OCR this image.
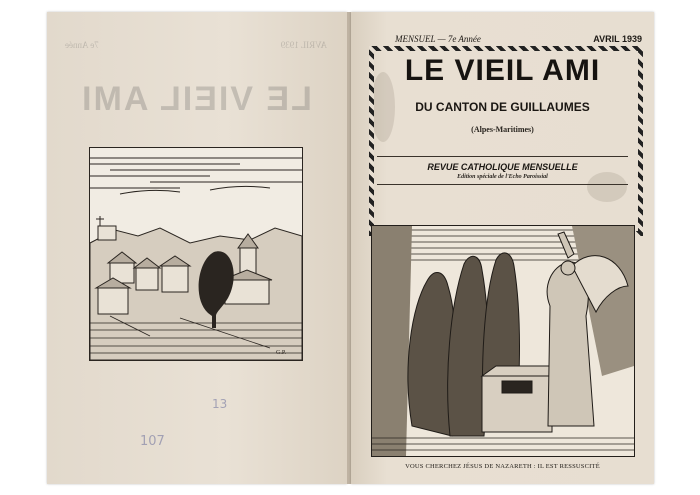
AVRIL 1939
7e Année
LE VIEIL AMI
G.P.
13
107
MENSUEL — 7e Année	AVRIL 1939
LE VIEIL AMI
DU CANTON DE GUILLAUMES
(Alpes-Maritimes)
REVUE CATHOLIQUE MENSUELLE
Edition spéciale de l'Echo Paroissial
VOUS CHERCHEZ JÉSUS DE NAZARETH : IL EST RESSUSCITÉ
